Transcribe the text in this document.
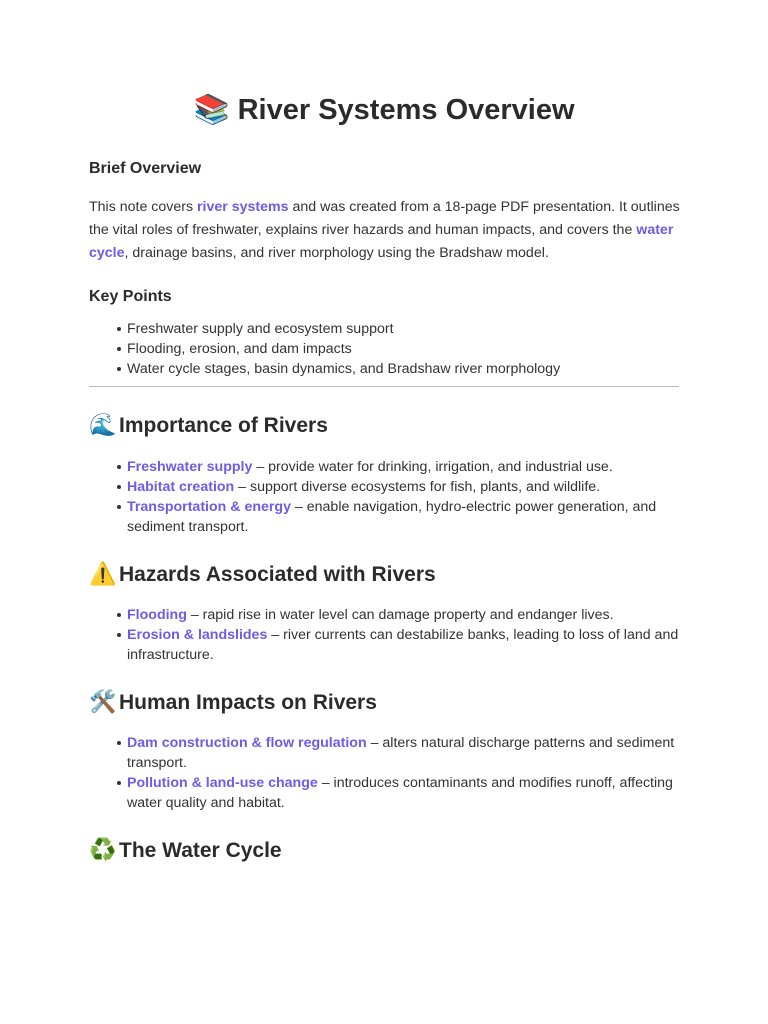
📚 River Systems Overview
Brief Overview

This note covers river systems and was created from a 18-page PDF presentation. It outlines the vital roles of freshwater, explains river hazards and human impacts, and covers the water cycle, drainage basins, and river morphology using the Bradshaw model.

Key Points
Freshwater supply and ecosystem support
Flooding, erosion, and dam impacts
Water cycle stages, basin dynamics, and Bradshaw river morphology
🌊 Importance of Rivers
Freshwater supply – provide water for drinking, irrigation, and industrial use.
Habitat creation – support diverse ecosystems for fish, plants, and wildlife.
Transportation & energy – enable navigation, hydro-electric power generation, and sediment transport.
⚠️ Hazards Associated with Rivers
Flooding – rapid rise in water level can damage property and endanger lives.
Erosion & landslides – river currents can destabilize banks, leading to loss of land and infrastructure.
🛠️ Human Impacts on Rivers
Dam construction & flow regulation – alters natural discharge patterns and sediment transport.
Pollution & land-use change – introduces contaminants and modifies runoff, affecting water quality and habitat.
♻️ The Water Cycle
